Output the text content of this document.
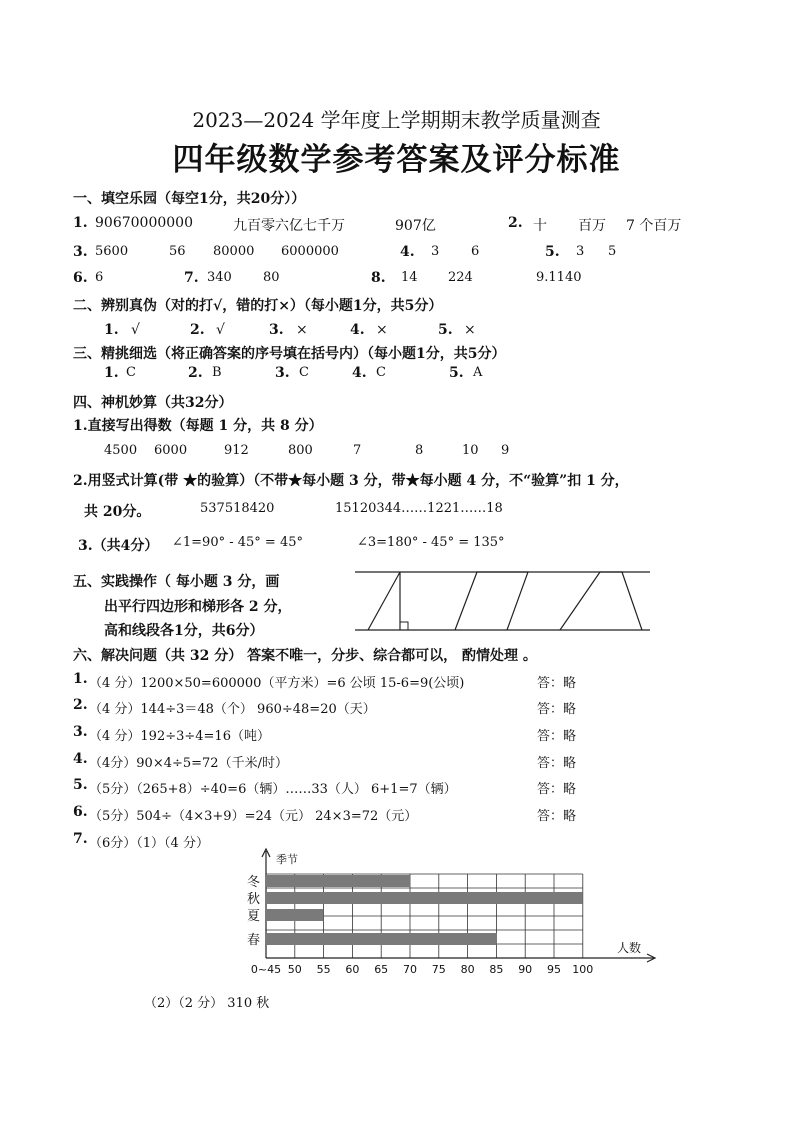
2023—2024 学年度上学期期末教学质量测查
四年级数学参考答案及评分标准
一、填空乐园（每空1分，共20分））
1. 90670000000	九百零六亿七千万	907亿	2. 十 百万 7 个百万
3. 5600	56 80000 6000000	4. 3 6	5. 3 5
6. 6	7. 340 80	8. 14 224	9.1140
二、辨别真伪（对的打√，错的打×）（每小题1分，共5分）
1. √	2. √	3. ×	4. ×	5. ×
三、精挑细选（将正确答案的序号填在括号内）（每小题1分，共5分）
1. C	2. B	3. C	4. C	5. A
四、神机妙算（共32分）
1.直接写出得数（每题 1 分，共 8 分）
4500 6000	912	800	7	8	10 9
2.用竖式计算(带 ★的验算）（不带★每小题 3 分，带★每小题 4 分，不“验算”扣 1 分，
共 20分。	537518420	15120344……1221……18
3.（共4分） ∠1=90° - 45° = 45°	∠3=180° - 45° = 135°
五、实践操作（ 每小题 3 分，画
出平行四边形和梯形各 2 分，
高和线段各1分，共6分）
六、解决问题（共 32 分） 答案不唯一，分步、综合都可以， 酌情处理 。
1. （4 分）1200×50=600000（平方米）=6 公顷 15-6=9(公顷)	答：略
2. （4 分）144÷3＝48（个） 960÷48=20（天）	答：略
3. （4 分）192÷3÷4=16（吨）	答：略
4. （4分）90×4÷5=72（千米/时）	答：略
5. （5分）（265+8）÷40=6（辆）……33（人） 6+1=7（辆）	答：略
6. （5分）504÷（4×3+9）=24（元） 24×3=72（元）	答：略
7. （6分）（1）（4 分）
季节
人数
0~45 50 55 60 65 70 75 80 85 90 95 100
冬
秋
夏
春
（2）（2 分） 310 秋
